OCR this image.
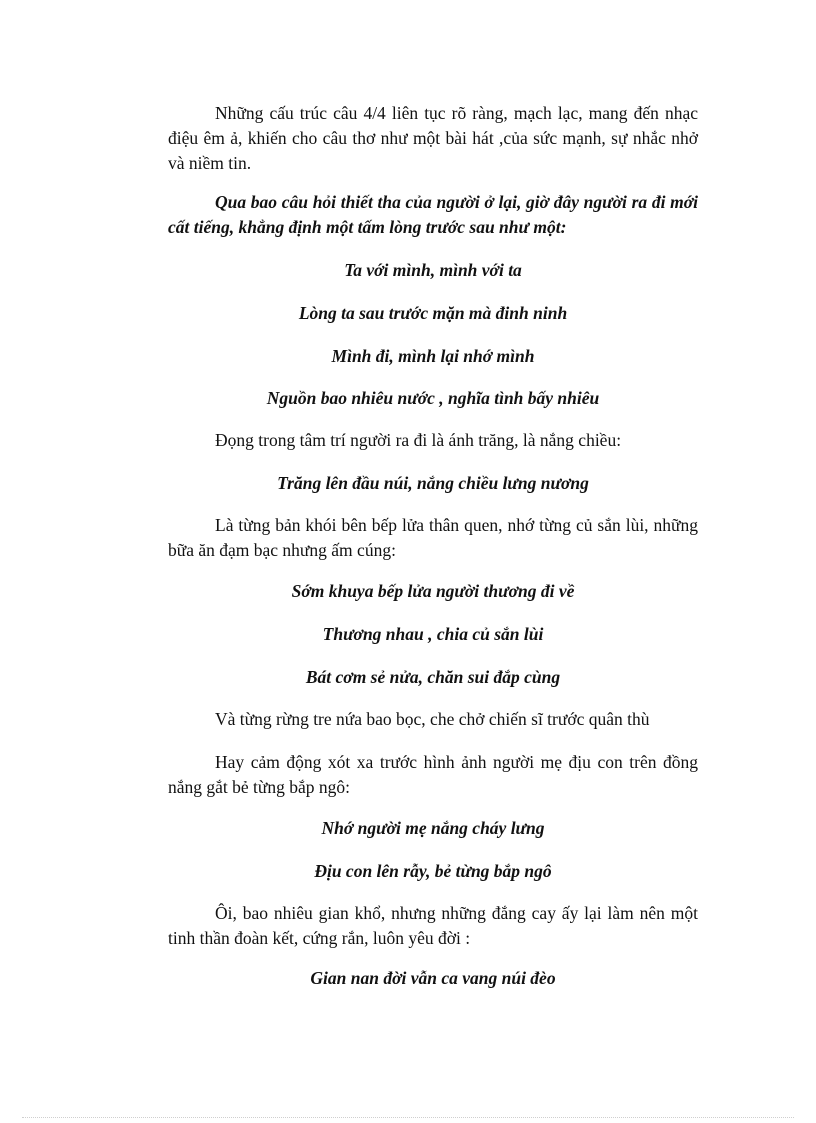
Những cấu trúc câu 4/4 liên tục rõ ràng, mạch lạc, mang đến nhạc điệu êm ả, khiến cho câu thơ như một bài hát ,của sức mạnh, sự nhắc nhở và niềm tin.

Qua bao câu hỏi thiết tha của người ở lại, giờ đây người ra đi mới cất tiếng, khẳng định một tấm lòng trước sau như một:

Ta với mình, mình với ta

Lòng ta sau trước mặn mà đinh ninh

Mình đi, mình lại nhớ mình

Nguồn bao nhiêu nước , nghĩa tình bấy nhiêu

Đọng trong tâm trí người ra đi là ánh trăng, là nắng chiều:

Trăng lên đầu núi, nắng chiều lưng nương

Là từng bản khói bên bếp lửa thân quen, nhớ từng củ sắn lùi, những bữa ăn đạm bạc nhưng ấm cúng:

Sớm khuya bếp lửa người thương đi về

Thương nhau , chia củ sắn lùi

Bát cơm sẻ nửa, chăn sui đắp cùng

Và từng rừng tre nứa bao bọc, che chở chiến sĩ trước quân thù

Hay cảm động xót xa trước hình ảnh người mẹ địu con trên đồng nắng gắt bẻ từng bắp ngô:

Nhớ người mẹ nắng cháy lưng

Địu con lên rẫy, bẻ từng bắp ngô

Ôi, bao nhiêu gian khổ, nhưng những đắng cay ấy lại làm nên một tinh thần đoàn kết, cứng rắn, luôn yêu đời :

Gian nan đời vẫn ca vang núi đèo
